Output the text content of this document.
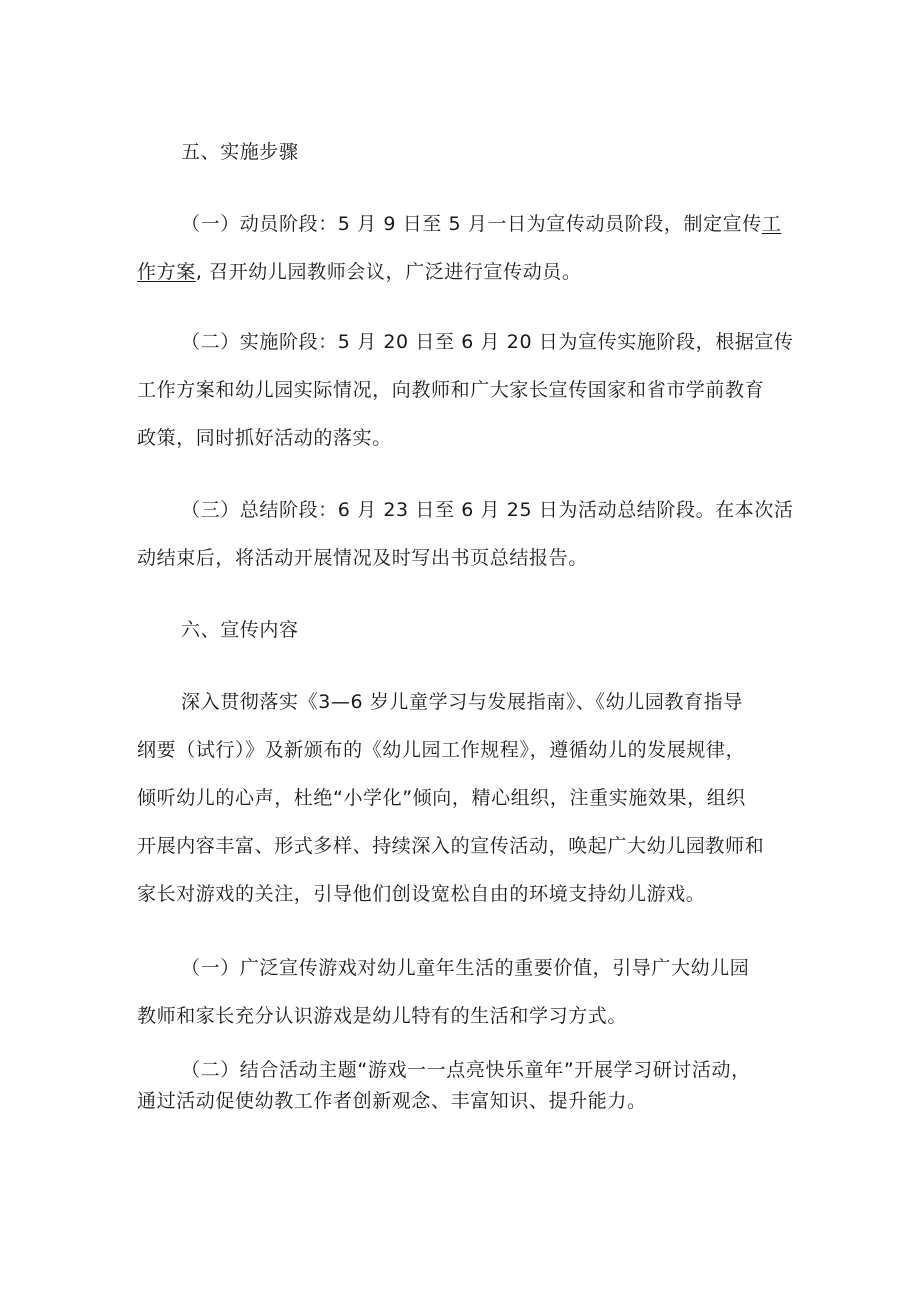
五、实施步骤

（一）动员阶段：5 月 9 日至 5 月一日为宣传动员阶段，制定宣传工

作方案, 召开幼儿园教师会议，广泛进行宣传动员。

（二）实施阶段：5 月 20 日至 6 月 20 日为宣传实施阶段，根据宣传

工作方案和幼儿园实际情况，向教师和广大家长宣传国家和省市学前教育
政策，同时抓好活动的落实。

（三）总结阶段：6 月 23 日至 6 月 25 日为活动总结阶段。在本次活

动结束后，将活动开展情况及时写出书页总结报告。

六、宣传内容

深入贯彻落实《3—6 岁儿童学习与发展指南》、《幼儿园教育指导

纲要（试行）》及新颁布的《幼儿园工作规程》，遵循幼儿的发展规律，
倾听幼儿的心声，杜绝“小学化”倾向，精心组织，注重实施效果，组织
开展内容丰富、形式多样、持续深入的宣传活动，唤起广大幼儿园教师和
家长对游戏的关注，引导他们创设宽松自由的环境支持幼儿游戏。

（一）广泛宣传游戏对幼儿童年生活的重要价值，引导广大幼儿园

教师和家长充分认识游戏是幼儿特有的生活和学习方式。

（二）结合活动主题“游戏一一点亮快乐童年”开展学习研讨活动，

通过活动促使幼教工作者创新观念、丰富知识、提升能力。
